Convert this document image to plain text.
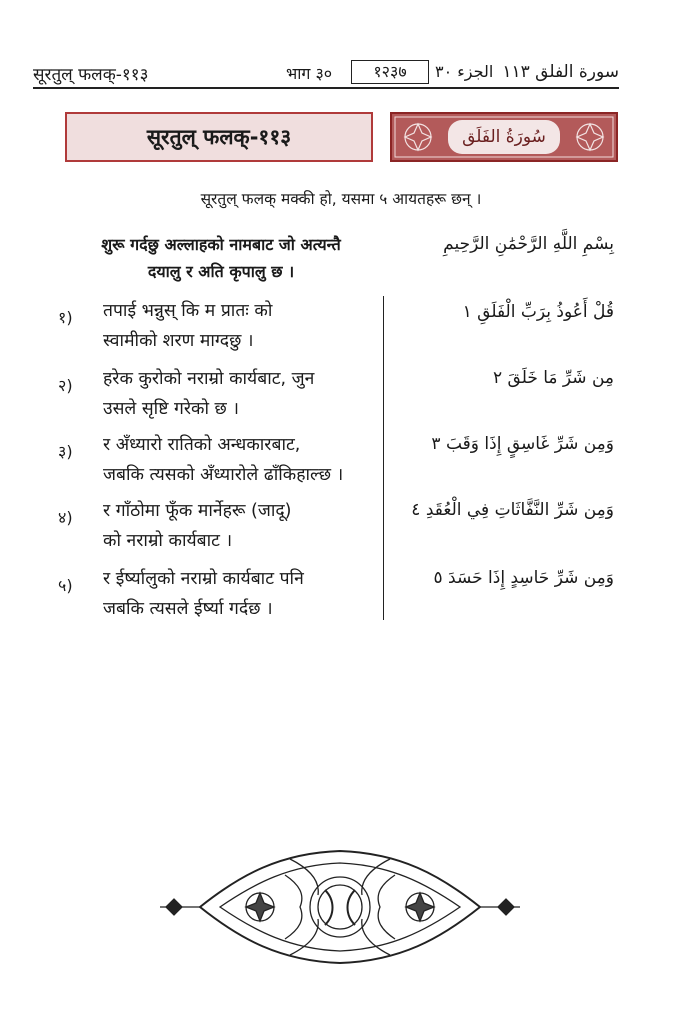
सूरतुल् फलक्-११३	भाग ३०	१२३७	الجزء ٣٠ سورة الفلق ١١٣
सूरतुल् फलक्-११३	سُورَةُ الفَلَق
सूरतुल् फलक् मक्की हो, यसमा ५ आयतहरू छन् ।
शुरू गर्दछु अल्लाहको नामबाट जो अत्यन्तै
दयालु र अति कृपालु छ ।
بِسْمِ اللَّهِ الرَّحْمَٰنِ الرَّحِيمِ
१) तपाई भन्नुस् कि म प्रातः को
स्वामीको शरण माग्दछु ।
قُلْ أَعُوذُ بِرَبِّ الْفَلَقِ ١
२) हरेक कुरोको नराम्रो कार्यबाट, जुन
उसले सृष्टि गरेको छ ।
مِن شَرِّ مَا خَلَقَ ٢
३) र अँध्यारो रातिको अन्धकारबाट,
जबकि त्यसको अँध्यारोले ढाँकिहाल्छ ।
وَمِن شَرِّ غَاسِقٍ إِذَا وَقَبَ ٣
४) र गाँठोमा फूँक मार्नेहरू (जादू)
को नराम्रो कार्यबाट ।
وَمِن شَرِّ النَّفَّاثَاتِ فِي الْعُقَدِ ٤
५) र ईर्ष्यालुको नराम्रो कार्यबाट पनि
जबकि त्यसले ईर्ष्या गर्दछ ।
وَمِن شَرِّ حَاسِدٍ إِذَا حَسَدَ ٥
